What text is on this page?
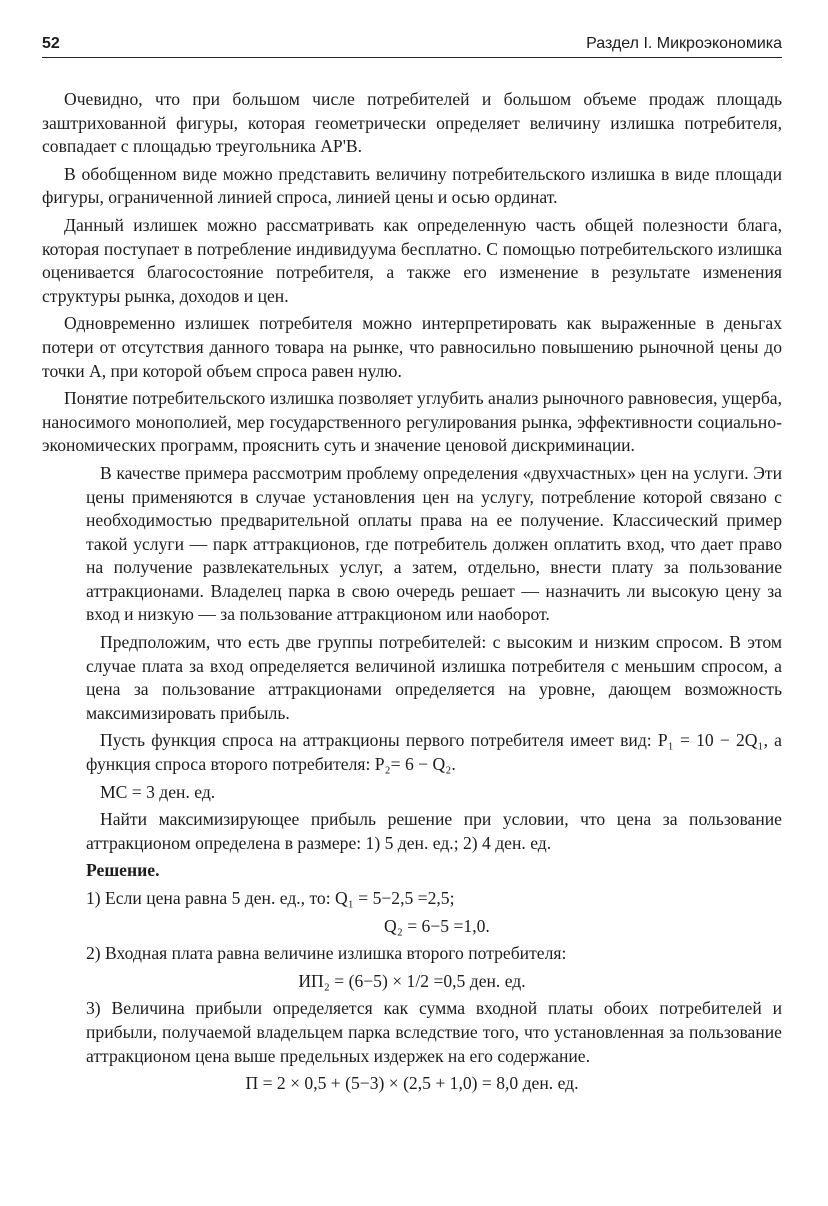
52	Раздел I. Микроэкономика

Очевидно, что при большом числе потребителей и большом объеме продаж площадь заштрихованной фигуры, которая геометрически определяет величину излишка потребителя, совпадает с площадью треугольника AP'B.

В обобщенном виде можно представить величину потребительского излишка в виде площади фигуры, ограниченной линией спроса, линией цены и осью ординат.

Данный излишек можно рассматривать как определенную часть общей полезности блага, которая поступает в потребление индивидуума бесплатно. С помощью потребительского излишка оценивается благосостояние потребителя, а также его изменение в результате изменения структуры рынка, доходов и цен.

Одновременно излишек потребителя можно интерпретировать как выраженные в деньгах потери от отсутствия данного товара на рынке, что равносильно повышению рыночной цены до точки A, при которой объем спроса равен нулю.

Понятие потребительского излишка позволяет углубить анализ рыночного равновесия, ущерба, наносимого монополией, мер государственного регулирования рынка, эффективности социально-экономических программ, прояснить суть и значение ценовой дискриминации.

В качестве примера рассмотрим проблему определения «двухчастных» цен на услуги. Эти цены применяются в случае установления цен на услугу, потребление которой связано с необходимостью предварительной оплаты права на ее получение. Классический пример такой услуги — парк аттракционов, где потребитель должен оплатить вход, что дает право на получение развлекательных услуг, а затем, отдельно, внести плату за пользование аттракционами. Владелец парка в свою очередь решает — назначить ли высокую цену за вход и низкую — за пользование аттракционом или наоборот.

Предположим, что есть две группы потребителей: с высоким и низким спросом. В этом случае плата за вход определяется величиной излишка потребителя с меньшим спросом, а цена за пользование аттракционами определяется на уровне, дающем возможность максимизировать прибыль.

Пусть функция спроса на аттракционы первого потребителя имеет вид: P₁ = 10 − 2Q₁, а функция спроса второго потребителя: P₂= 6 − Q₂.

MC = 3 ден. ед.

Найти максимизирующее прибыль решение при условии, что цена за пользование аттракционом определена в размере: 1) 5 ден. ед.; 2) 4 ден. ед.

Решение.

1) Если цена равна 5 ден. ед., то: Q₁ = 5−2,5 =2,5;

Q₂ = 6−5 =1,0.

2) Входная плата равна величине излишка второго потребителя:

ИП₂ = (6−5) × 1/2 =0,5 ден. ед.

3) Величина прибыли определяется как сумма входной платы обоих потребителей и прибыли, получаемой владельцем парка вследствие того, что установленная за пользование аттракционом цена выше предельных издержек на его содержание.

П = 2 × 0,5 + (5−3) × (2,5 + 1,0) = 8,0 ден. ед.
